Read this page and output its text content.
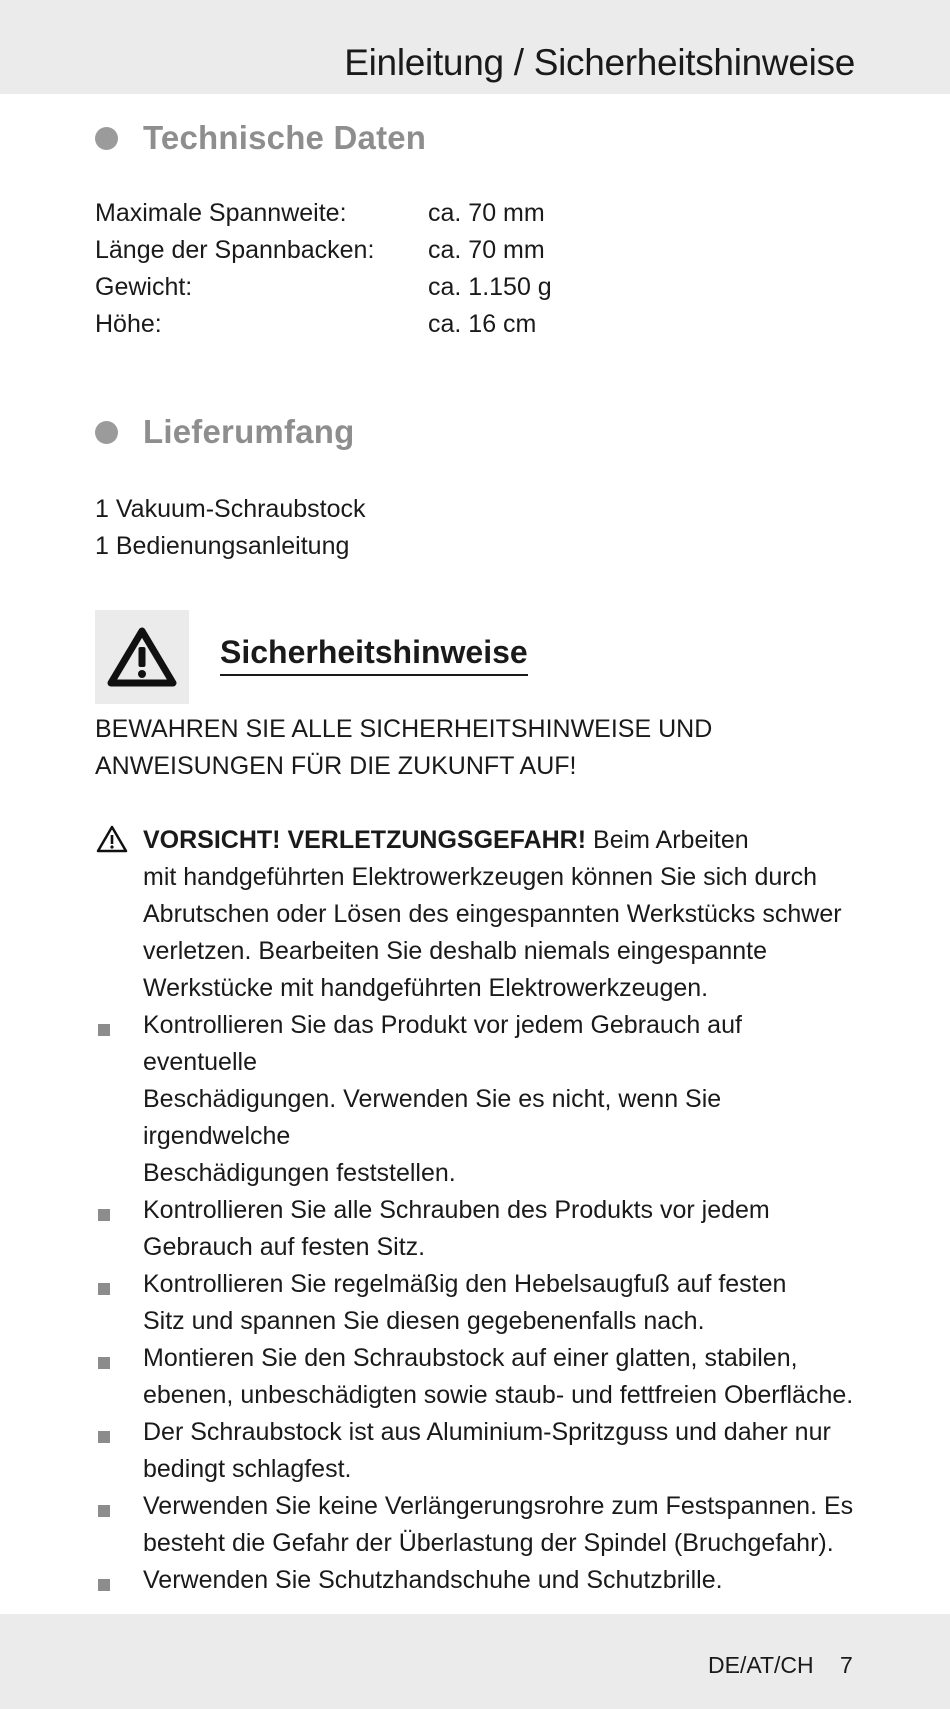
Einleitung / Sicherheitshinweise
Technische Daten
Maximale Spannweite:	ca. 70 mm
Länge der Spannbacken:	ca. 70 mm
Gewicht:	ca. 1.150 g
Höhe:	ca. 16 cm
Lieferumfang
1 Vakuum-Schraubstock
1 Bedienungsanleitung
Sicherheitshinweise
BEWAHREN SIE ALLE SICHERHEITSHINWEISE UND
ANWEISUNGEN FÜR DIE ZUKUNFT AUF!
VORSICHT! VERLETZUNGSGEFAHR! Beim Arbeiten
mit handgeführten Elektrowerkzeugen können Sie sich durch
Abrutschen oder Lösen des eingespannten Werkstücks schwer
verletzen. Bearbeiten Sie deshalb niemals eingespannte
Werkstücke mit handgeführten Elektrowerkzeugen.
Kontrollieren Sie das Produkt vor jedem Gebrauch auf eventuelle
Beschädigungen. Verwenden Sie es nicht, wenn Sie irgendwelche
Beschädigungen feststellen.
Kontrollieren Sie alle Schrauben des Produkts vor jedem
Gebrauch auf festen Sitz.
Kontrollieren Sie regelmäßig den Hebelsaugfuß auf festen
Sitz und spannen Sie diesen gegebenenfalls nach.
Montieren Sie den Schraubstock auf einer glatten, stabilen,
ebenen, unbeschädigten sowie staub- und fettfreien Oberfläche.
Der Schraubstock ist aus Aluminium-Spritzguss und daher nur
bedingt schlagfest.
Verwenden Sie keine Verlängerungsrohre zum Festspannen. Es
besteht die Gefahr der Überlastung der Spindel (Bruchgefahr).
Verwenden Sie Schutzhandschuhe und Schutzbrille.
DE/AT/CH 7
